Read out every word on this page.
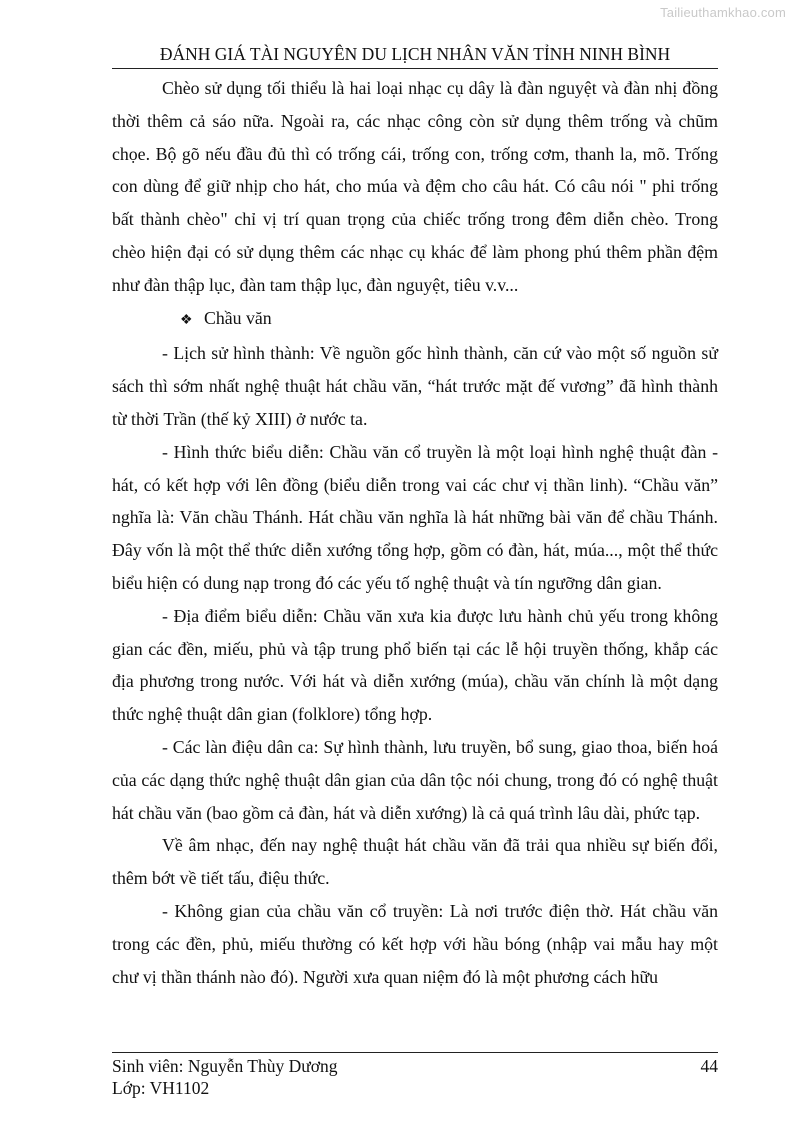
Tailieuthamkhao.com
ĐÁNH GIÁ TÀI NGUYÊN DU LỊCH NHÂN VĂN TỈNH NINH BÌNH

Chèo sử dụng tối thiểu là hai loại nhạc cụ dây là đàn nguyệt và đàn nhị đồng thời thêm cả sáo nữa. Ngoài ra, các nhạc công còn sử dụng thêm trống và chũm chọe. Bộ gõ nếu đầu đủ thì có trống cái, trống con, trống cơm, thanh la, mõ. Trống con dùng để giữ nhịp cho hát, cho múa và đệm cho câu hát. Có câu nói " phi trống bất thành chèo" chỉ vị trí quan trọng của chiếc trống trong đêm diễn chèo. Trong chèo hiện đại có sử dụng thêm các nhạc cụ khác để làm phong phú thêm phần đệm như đàn thập lục, đàn tam thập lục, đàn nguyệt, tiêu v.v...

❖ Chầu văn

- Lịch sử hình thành: Về nguồn gốc hình thành, căn cứ vào một số nguồn sử sách thì sớm nhất nghệ thuật hát chầu văn, “hát trước mặt đế vương” đã hình thành từ thời Trần (thế kỷ XIII) ở nước ta.

- Hình thức biểu diễn: Chầu văn cổ truyền là một loại hình nghệ thuật đàn - hát, có kết hợp với lên đồng (biểu diễn trong vai các chư vị thần linh). “Chầu văn” nghĩa là: Văn chầu Thánh. Hát chầu văn nghĩa là hát những bài văn để chầu Thánh. Đây vốn là một thể thức diễn xướng tổng hợp, gồm có đàn, hát, múa..., một thể thức biểu hiện có dung nạp trong đó các yếu tố nghệ thuật và tín ngưỡng dân gian.

- Địa điểm biểu diễn: Chầu văn xưa kia được lưu hành chủ yếu trong không gian các đền, miếu, phủ và tập trung phổ biến tại các lễ hội truyền thống, khắp các địa phương trong nước. Với hát và diễn xướng (múa), chầu văn chính là một dạng thức nghệ thuật dân gian (folklore) tổng hợp.

- Các làn điệu dân ca: Sự hình thành, lưu truyền, bổ sung, giao thoa, biến hoá của các dạng thức nghệ thuật dân gian của dân tộc nói chung, trong đó có nghệ thuật hát chầu văn (bao gồm cả đàn, hát và diễn xướng) là cả quá trình lâu dài, phức tạp.

Về âm nhạc, đến nay nghệ thuật hát chầu văn đã trải qua nhiều sự biến đổi, thêm bớt về tiết tấu, điệu thức.

- Không gian của chầu văn cổ truyền: Là nơi trước điện thờ. Hát chầu văn trong các đền, phủ, miếu thường có kết hợp với hầu bóng (nhập vai mẫu hay một chư vị thần thánh nào đó). Người xưa quan niệm đó là một phương cách hữu

Sinh viên: Nguyễn Thùy Dương	44
Lớp: VH1102
